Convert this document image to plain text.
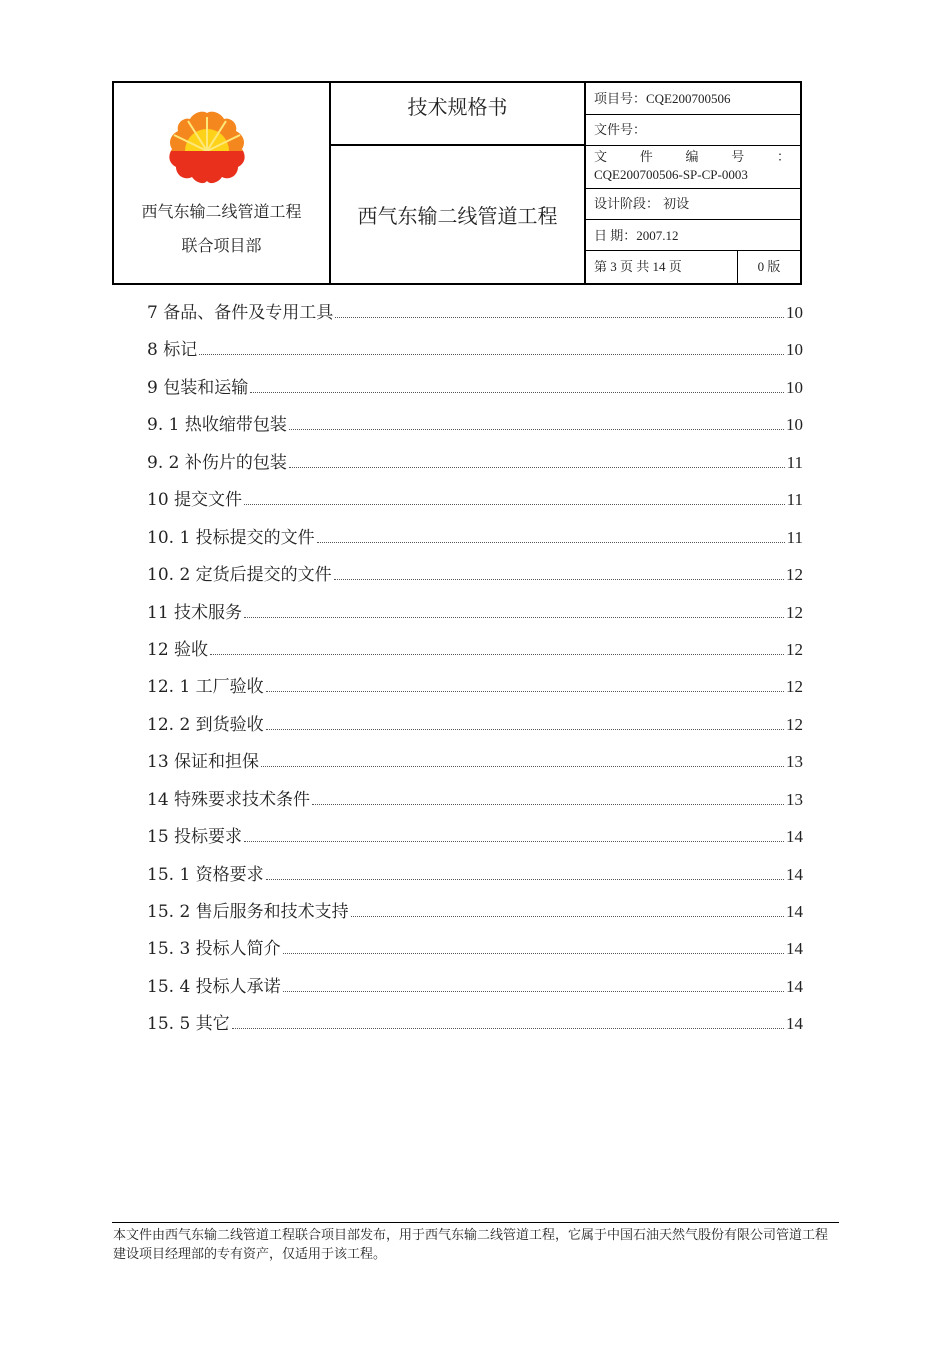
西气东输二线管道工程
联合项目部
技术规格书
西气东输二线管道工程
项目号：CQE200700506
文件号：
文	件	编	号	：
CQE200700506-SP-CP-0003
设计阶段： 初设
日 期：2007.12
第 3 页 共 14 页	0 版
7 备品、备件及专用工具	10
8 标记	10
9 包装和运输	10
9. 1 热收缩带包装	10
9. 2 补伤片的包装	11
10 提交文件	11
10. 1 投标提交的文件	11
10. 2 定货后提交的文件	12
11 技术服务	12
12 验收	12
12. 1 工厂验收	12
12. 2 到货验收	12
13 保证和担保	13
14 特殊要求技术条件	13
15 投标要求	14
15. 1 资格要求	14
15. 2 售后服务和技术支持	14
15. 3 投标人简介	14
15. 4 投标人承诺	14
15. 5 其它	14
本文件由西气东输二线管道工程联合项目部发布，用于西气东输二线管道工程，它属于中国石油天然气股份有限公司管道工程建设项目经理部的专有资产，仅适用于该工程。
